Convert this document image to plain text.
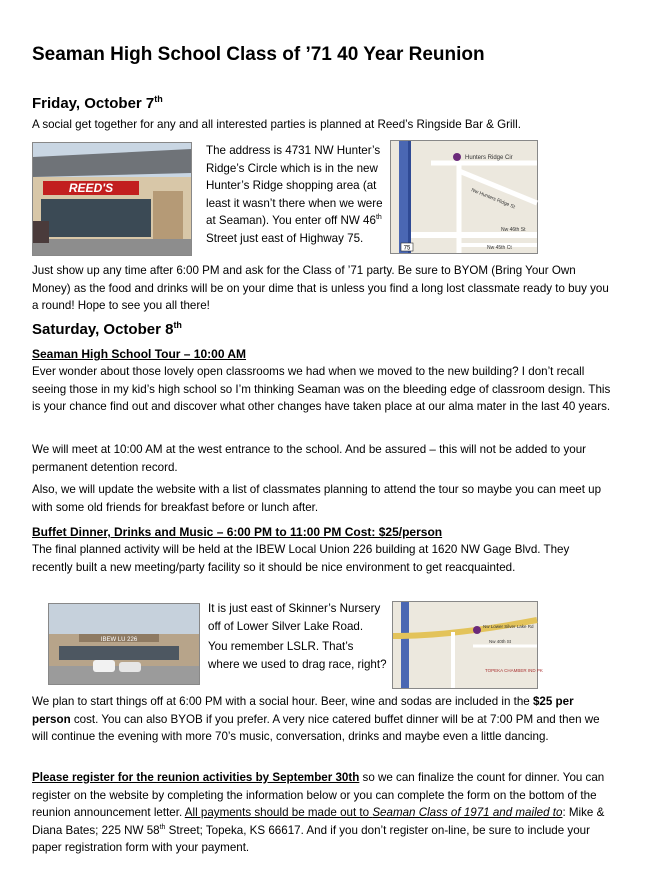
Seaman High School Class of ’71 40 Year Reunion
Friday, October 7th

A social get together for any and all interested parties is planned at Reed’s Ringside Bar & Grill.

REED'S

The address is 4731 NW Hunter’s Ridge’s Circle which is in the new Hunter’s Ridge shopping area (at least it wasn’t there when we were at Seaman). You enter off NW 46th Street just east of Highway 75.

Hunters Ridge Cir
Nw Hunters Ridge St
Nw 46th St
Nw 45th Ct
75

Just show up any time after 6:00 PM and ask for the Class of ’71 party. Be sure to BYOM (Bring Your Own Money) as the food and drinks will be on your dime that is unless you find a long lost classmate ready to buy you a round! Hope to see you all there!

Saturday, October 8th
Seaman High School Tour – 10:00 AM

Ever wonder about those lovely open classrooms we had when we moved to the new building? I don’t recall seeing those in my kid’s high school so I’m thinking Seaman was on the bleeding edge of classroom design. This is your chance find out and discover what other changes have taken place at our alma mater in the last 40 years.

We will meet at 10:00 AM at the west entrance to the school. And be assured – this will not be added to your permanent detention record.

Also, we will update the website with a list of classmates planning to attend the tour so maybe you can meet up with some old friends for breakfast before or lunch after.

Buffet Dinner, Drinks and Music – 6:00 PM to 11:00 PM Cost: $25/person

The final planned activity will be held at the IBEW Local Union 226 building at 1620 NW Gage Blvd. They recently built a new meeting/party facility so it should be nice environment to get reacquainted.

IBEW LU 226

It is just east of Skinner’s Nursery off of Lower Silver Lake Road.

You remember LSLR. That’s where we used to drag race, right?

Nw Lower Silver Lake Rd
Nw 40th St
TOPEKA CHAMBER IND PK

We plan to start things off at 6:00 PM with a social hour. Beer, wine and sodas are included in the $25 per person cost. You can also BYOB if you prefer. A very nice catered buffet dinner will be at 7:00 PM and then we will continue the evening with more 70’s music, conversation, drinks and maybe even a little dancing.

Please register for the reunion activities by September 30th so we can finalize the count for dinner. You can register on the website by completing the information below or you can complete the form on the bottom of the reunion announcement letter. All payments should be made out to Seaman Class of 1971 and mailed to: Mike & Diana Bates; 225 NW 58th Street; Topeka, KS 66617. And if you don’t register on-line, be sure to include your paper registration form with your payment.
